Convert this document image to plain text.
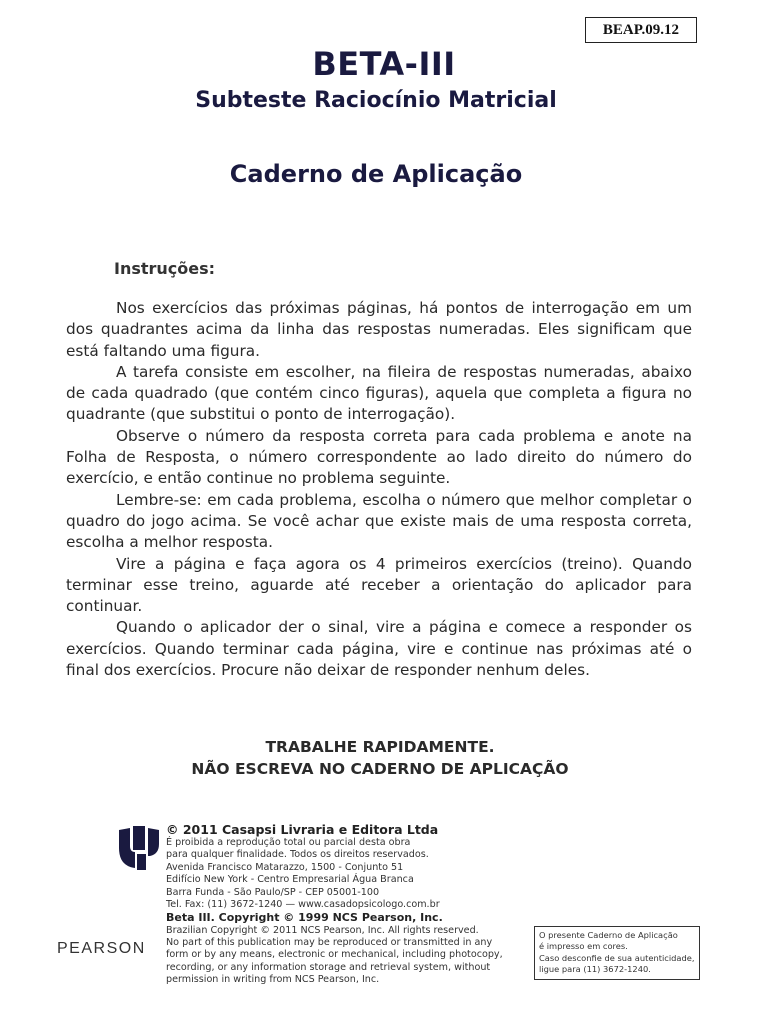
BEAP.09.12
BETA-III
Subteste Raciocínio Matricial
Caderno de Aplicação
Instruções:

Nos exercícios das próximas páginas, há pontos de interrogação em um dos quadrantes acima da linha das respostas numeradas. Eles significam que está faltando uma figura.

A tarefa consiste em escolher, na fileira de respostas numeradas, abaixo de cada quadrado (que contém cinco figuras), aquela que completa a figura no quadrante (que substitui o ponto de interrogação).

Observe o número da resposta correta para cada problema e anote na Folha de Resposta, o número correspondente ao lado direito do número do exercício, e então continue no problema seguinte.

Lembre-se: em cada problema, escolha o número que melhor completar o quadro do jogo acima. Se você achar que existe mais de uma resposta correta, escolha a melhor resposta.

Vire a página e faça agora os 4 primeiros exercícios (treino). Quando terminar esse treino, aguarde até receber a orientação do aplicador para continuar.

Quando o aplicador der o sinal, vire a página e comece a responder os exercícios. Quando terminar cada página, vire e continue nas próximas até o final dos exercícios. Procure não deixar de responder nenhum deles.

TRABALHE RAPIDAMENTE.
NÃO ESCREVA NO CADERNO DE APLICAÇÃO
© 2011 Casapsi Livraria e Editora Ltda
É proibida a reprodução total ou parcial desta obra
para qualquer finalidade. Todos os direitos reservados.
Avenida Francisco Matarazzo, 1500 - Conjunto 51
Edifício New York - Centro Empresarial Água Branca
Barra Funda - São Paulo/SP - CEP 05001-100
Tel. Fax: (11) 3672-1240 — www.casadopsicologo.com.br
Beta III. Copyright © 1999 NCS Pearson, Inc.
Brazilian Copyright © 2011 NCS Pearson, Inc. All rights reserved.
No part of this publication may be reproduced or transmitted in any
form or by any means, electronic or mechanical, including photocopy,
recording, or any information storage and retrieval system, without
permission in writing from NCS Pearson, Inc.
PEARSON
O presente Caderno de Aplicação
é impresso em cores.
Caso desconfie de sua autenticidade,
ligue para (11) 3672-1240.
